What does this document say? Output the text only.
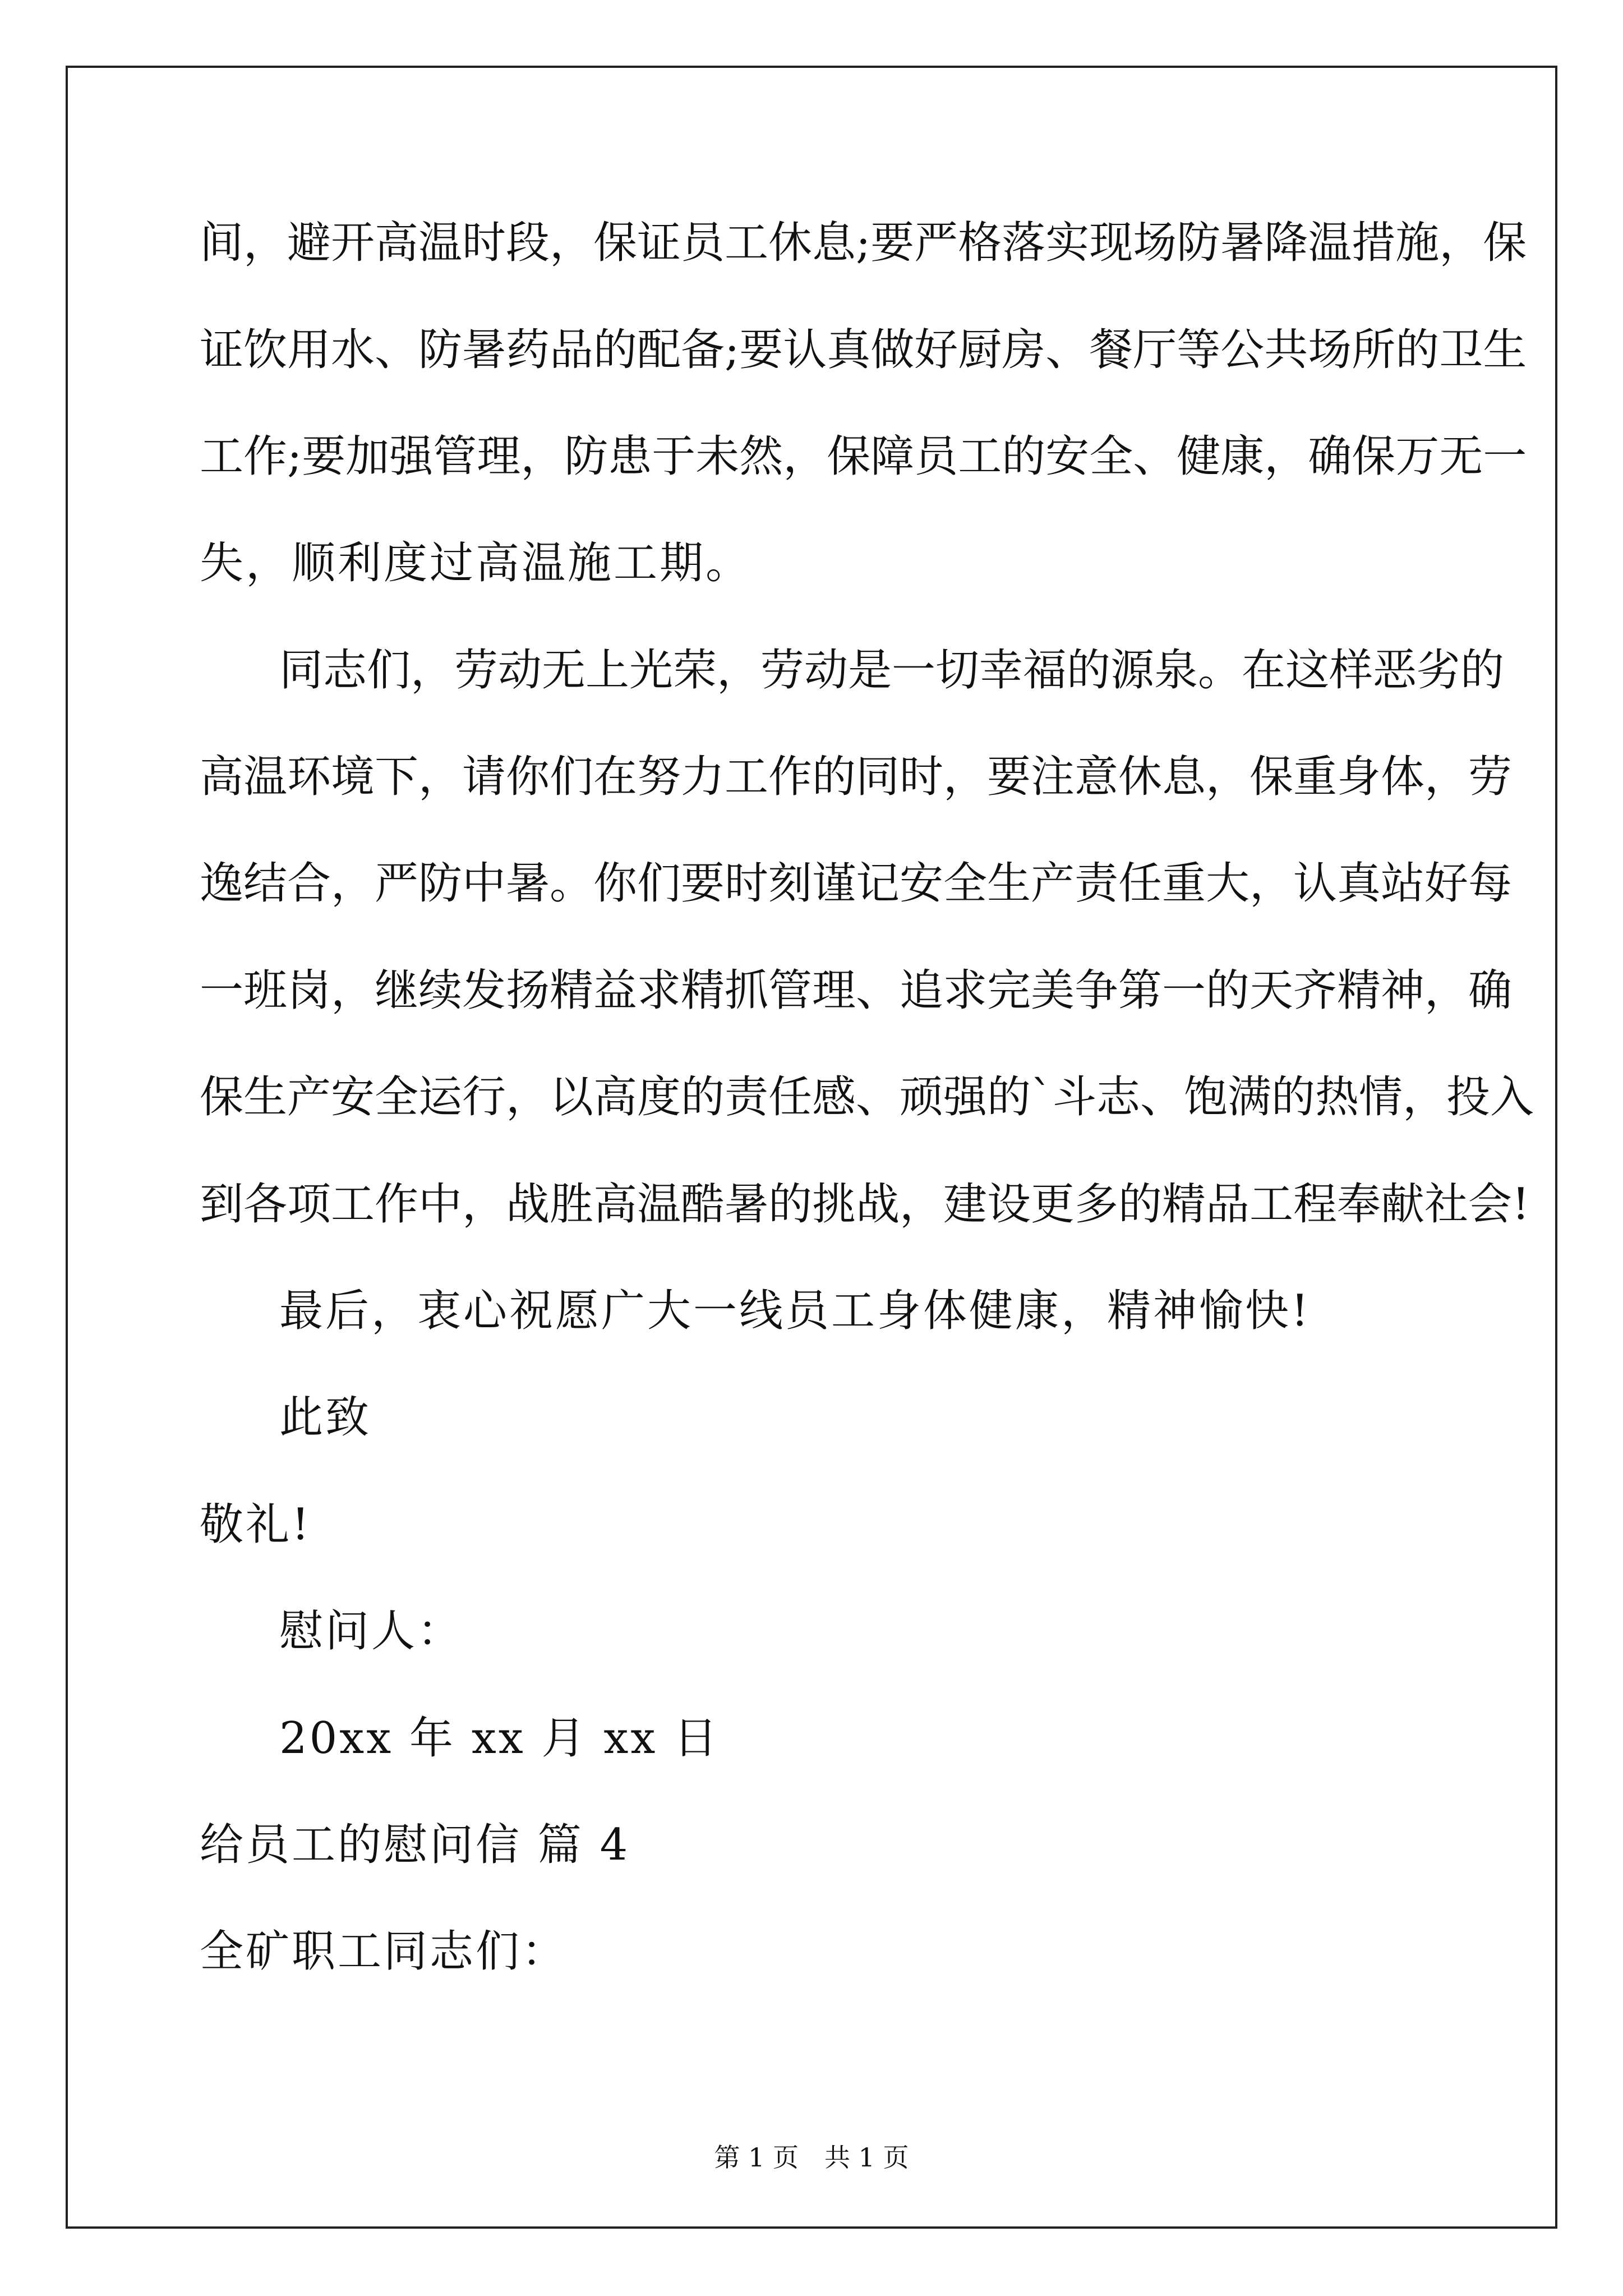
间，避开高温时段，保证员工休息;要严格落实现场防暑降温措施，保
证饮用水、防暑药品的配备;要认真做好厨房、餐厅等公共场所的卫生
工作;要加强管理，防患于未然，保障员工的安全、健康，确保万无一
失，顺利度过高温施工期。
同志们，劳动无上光荣，劳动是一切幸福的源泉。在这样恶劣的
高温环境下，请你们在努力工作的同时，要注意休息，保重身体，劳
逸结合，严防中暑。你们要时刻谨记安全生产责任重大，认真站好每
一班岗，继续发扬精益求精抓管理、追求完美争第一的天齐精神，确
保生产安全运行，以高度的责任感、顽强的`斗志、饱满的热情，投入
到各项工作中，战胜高温酷暑的挑战，建设更多的精品工程奉献社会!
最后，衷心祝愿广大一线员工身体健康，精神愉快!
此致
敬礼!
慰问人：
20xx 年 xx 月 xx 日
给员工的慰问信 篇 4
全矿职工同志们：
第 1 页　共 1 页
